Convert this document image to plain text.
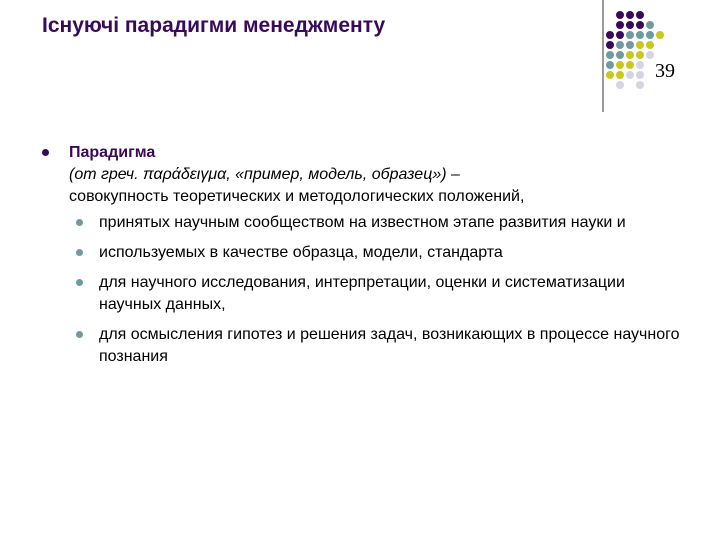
Існуючі парадигми менеджменту
39
Парадигма
(от греч. παράδειγμα, «пример, модель, образец») –
совокупность теоретических и методологических положений,
принятых научным сообществом на известном этапе развития науки и
используемых в качестве образца, модели, стандарта
для научного исследования, интерпретации, оценки и систематизации научных данных,
для осмысления гипотез и решения задач, возникающих в процессе научного познания
